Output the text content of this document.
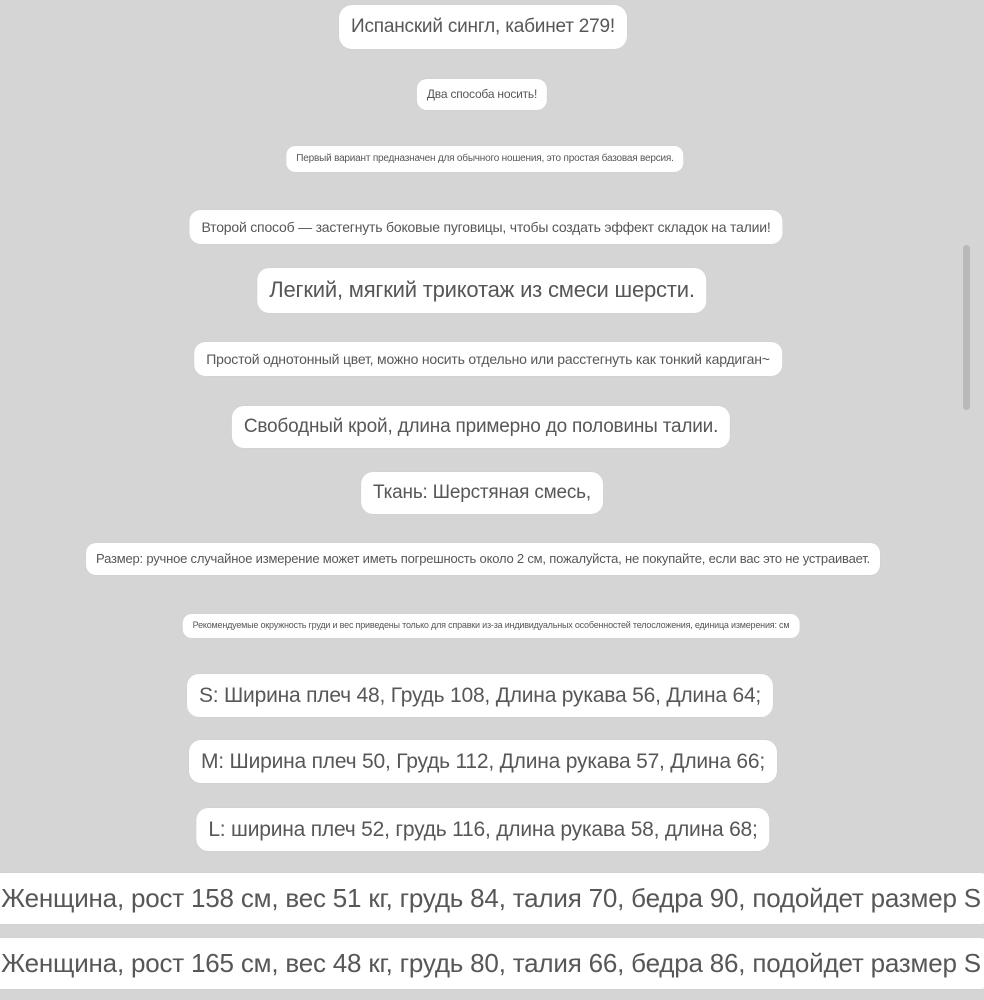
Испанский сингл, кабинет 279!
Два способа носить!
Первый вариант предназначен для обычного ношения, это простая базовая версия.
Второй способ — застегнуть боковые пуговицы, чтобы создать эффект складок на талии!
Легкий, мягкий трикотаж из смеси шерсти.
Простой однотонный цвет, можно носить отдельно или расстегнуть как тонкий кардиган~
Свободный крой, длина примерно до половины талии.
Ткань: Шерстяная смесь,
Размер: ручное случайное измерение может иметь погрешность около 2 см, пожалуйста, не покупайте, если вас это не устраивает.
Рекомендуемые окружность груди и вес приведены только для справки из-за индивидуальных особенностей телосложения, единица измерения: см
S: Ширина плеч 48, Грудь 108, Длина рукава 56, Длина 64;
M: Ширина плеч 50, Грудь 112, Длина рукава 57, Длина 66;
L: ширина плеч 52, грудь 116, длина рукава 58, длина 68;
Женщина, рост 158 см, вес 51 кг, грудь 84, талия 70, бедра 90, подойдет размер S
Женщина, рост 165 см, вес 48 кг, грудь 80, талия 66, бедра 86, подойдет размер S
